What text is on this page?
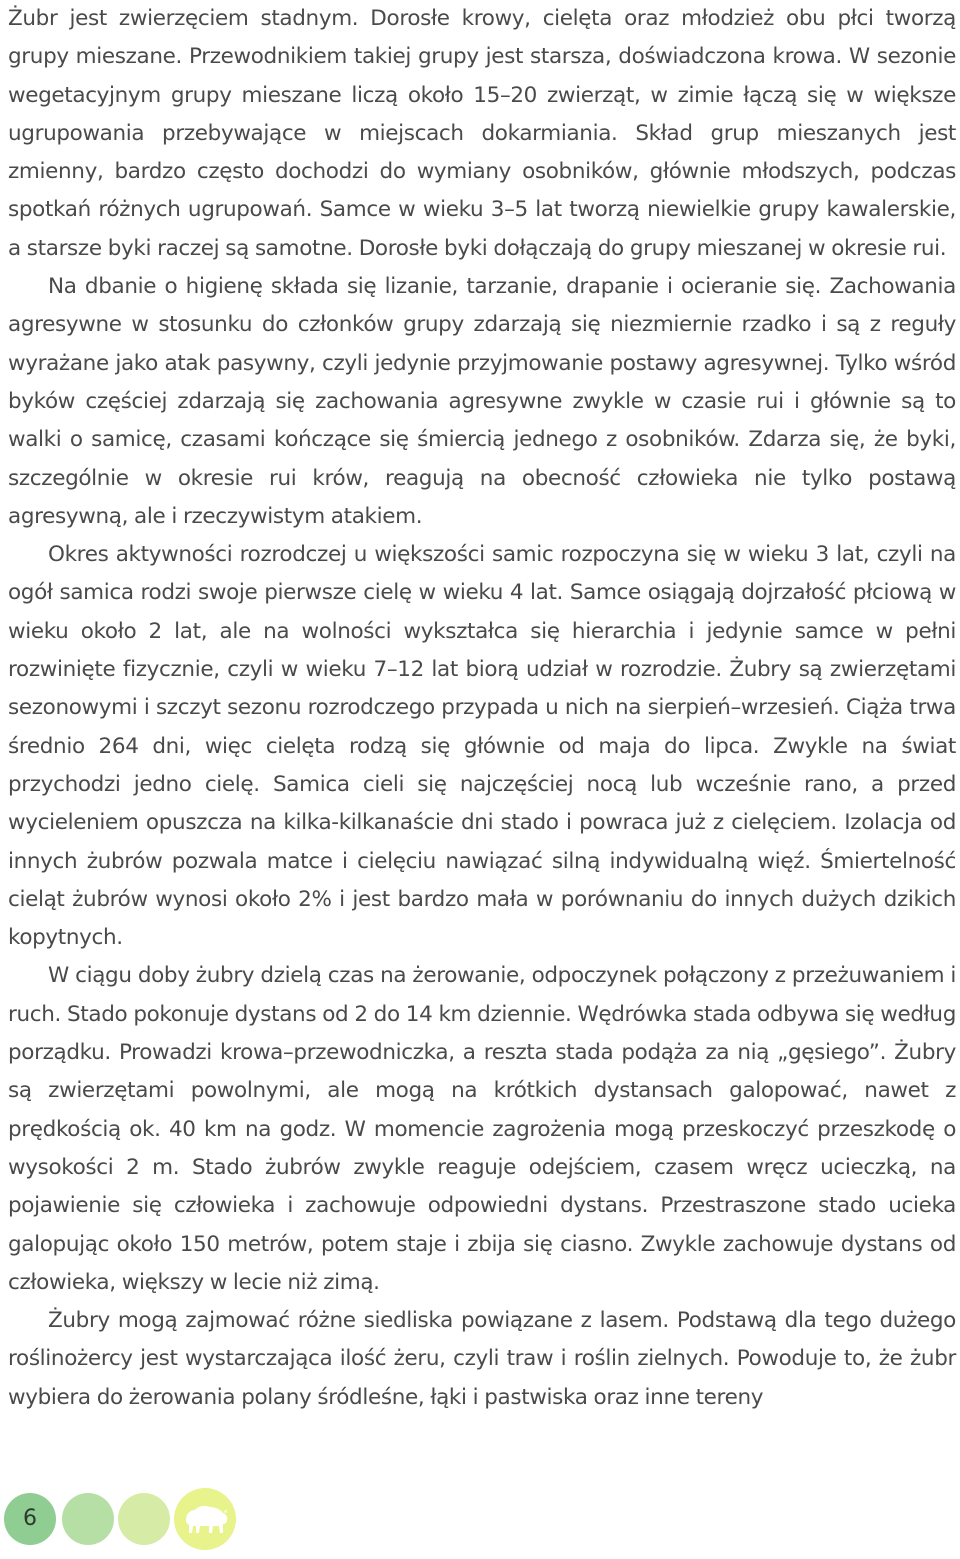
Żubr jest zwierzęciem stadnym. Dorosłe krowy, cielęta oraz młodzież obu płci tworzą grupy mieszane. Przewodnikiem takiej grupy jest starsza, doświadczona krowa. W sezonie wegetacyjnym grupy mieszane liczą około 15–20 zwierząt, w zimie łączą się w większe ugrupowania przebywające w miejscach dokarmiania. Skład grup mieszanych jest zmienny, bardzo często dochodzi do wymiany osobników, głównie młodszych, podczas spotkań różnych ugrupowań. Samce w wieku 3–5 lat tworzą niewielkie grupy kawalerskie, a starsze byki raczej są samotne. Dorosłe byki dołączają do grupy mieszanej w okresie rui.

Na dbanie o higienę składa się lizanie, tarzanie, drapanie i ocieranie się. Zachowania agresywne w stosunku do członków grupy zdarzają się niezmiernie rzadko i są z reguły wyrażane jako atak pasywny, czyli jedynie przyjmowanie postawy agresywnej. Tylko wśród byków częściej zdarzają się zachowania agresywne zwykle w czasie rui i głównie są to walki o samicę, czasami kończące się śmiercią jednego z osobników. Zdarza się, że byki, szczególnie w okresie rui krów, reagują na obecność człowieka nie tylko postawą agresywną, ale i rzeczywistym atakiem.

Okres aktywności rozrodczej u większości samic rozpoczyna się w wieku 3 lat, czyli na ogół samica rodzi swoje pierwsze cielę w wieku 4 lat. Samce osiągają dojrzałość płciową w wieku około 2 lat, ale na wolności wykształca się hierarchia i jedynie samce w pełni rozwinięte fizycznie, czyli w wieku 7–12 lat biorą udział w rozrodzie. Żubry są zwierzętami sezonowymi i szczyt sezonu rozrodczego przypada u nich na sierpień–wrzesień. Ciąża trwa średnio 264 dni, więc cielęta rodzą się głównie od maja do lipca. Zwykle na świat przychodzi jedno cielę. Samica cieli się najczęściej nocą lub wcześnie rano, a przed wycieleniem opuszcza na kilka-kilkanaście dni stado i powraca już z cielęciem. Izolacja od innych żubrów pozwala matce i cielęciu nawiązać silną indywidualną więź. Śmiertelność cieląt żubrów wynosi około 2% i jest bardzo mała w porównaniu do innych dużych dzikich kopytnych.

W ciągu doby żubry dzielą czas na żerowanie, odpoczynek połączony z przeżuwaniem i ruch. Stado pokonuje dystans od 2 do 14 km dziennie. Wędrówka stada odbywa się według porządku. Prowadzi krowa–przewodniczka, a reszta stada podąża za nią „gęsiego”. Żubry są zwierzętami powolnymi, ale mogą na krótkich dystansach galopować, nawet z prędkością ok. 40 km na godz. W momencie zagrożenia mogą przeskoczyć przeszkodę o wysokości 2 m. Stado żubrów zwykle reaguje odejściem, czasem wręcz ucieczką, na pojawienie się człowieka i zachowuje odpowiedni dystans. Przestraszone stado ucieka galopując około 150 metrów, potem staje i zbija się ciasno. Zwykle zachowuje dystans od człowieka, większy w lecie niż zimą.

Żubry mogą zajmować różne siedliska powiązane z lasem. Podstawą dla tego dużego roślinożercy jest wystarczająca ilość żeru, czyli traw i roślin zielnych. Powoduje to, że żubr wybiera do żerowania polany śródleśne, łąki i pastwiska oraz inne tereny

6
